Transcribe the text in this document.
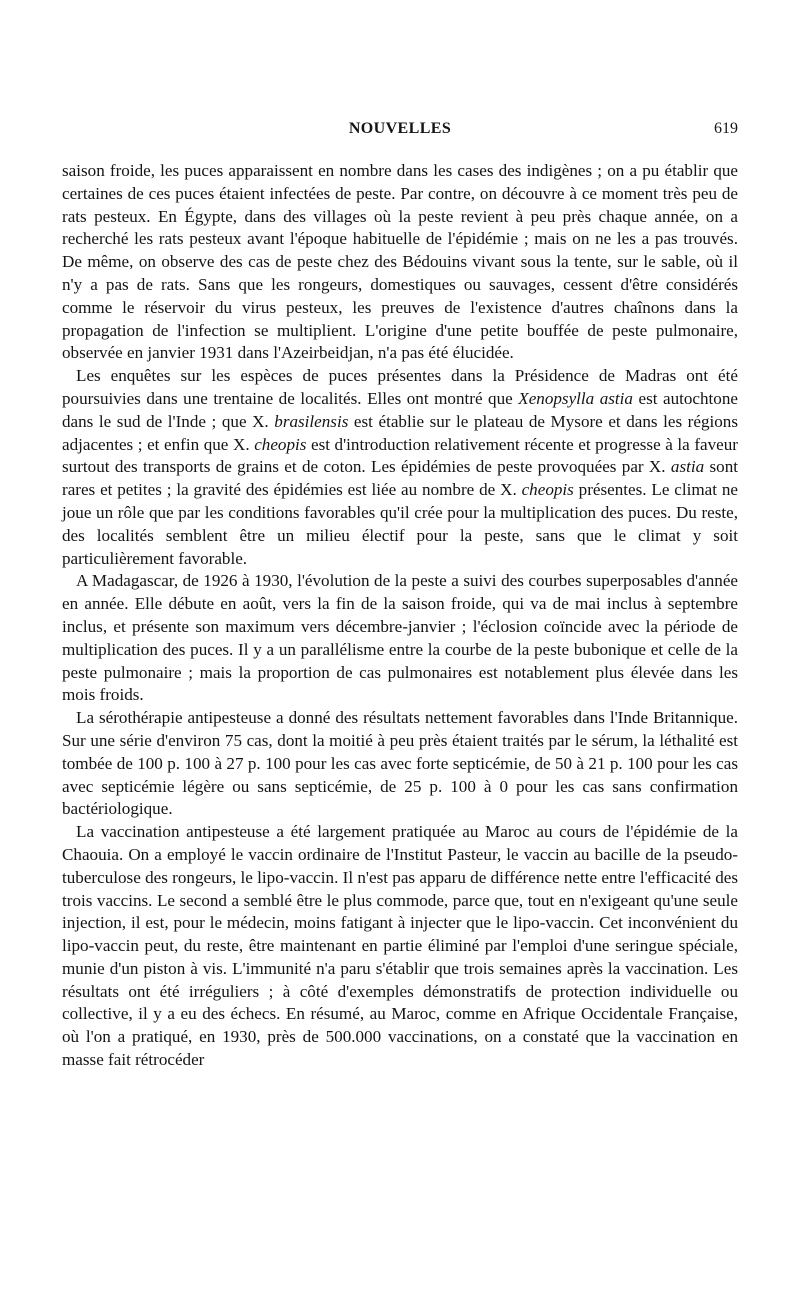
NOUVELLES	619

saison froide, les puces apparaissent en nombre dans les cases des indigènes ; on a pu établir que certaines de ces puces étaient infectées de peste. Par contre, on découvre à ce moment très peu de rats pesteux. En Égypte, dans des villages où la peste revient à peu près chaque année, on a recherché les rats pesteux avant l'époque habituelle de l'épidémie ; mais on ne les a pas trouvés. De même, on observe des cas de peste chez des Bédouins vivant sous la tente, sur le sable, où il n'y a pas de rats. Sans que les rongeurs, domestiques ou sauvages, cessent d'être considérés comme le réservoir du virus pesteux, les preuves de l'existence d'autres chaînons dans la propagation de l'infection se multiplient. L'origine d'une petite bouffée de peste pulmonaire, observée en janvier 1931 dans l'Azeirbeidjan, n'a pas été élucidée.

Les enquêtes sur les espèces de puces présentes dans la Présidence de Madras ont été poursuivies dans une trentaine de localités. Elles ont montré que Xenopsylla astia est autochtone dans le sud de l'Inde ; que X. brasilensis est établie sur le plateau de Mysore et dans les régions adjacentes ; et enfin que X. cheopis est d'introduction relativement récente et progresse à la faveur surtout des transports de grains et de coton. Les épidémies de peste provoquées par X. astia sont rares et petites ; la gravité des épidémies est liée au nombre de X. cheopis présentes. Le climat ne joue un rôle que par les conditions favorables qu'il crée pour la multiplication des puces. Du reste, des localités semblent être un milieu électif pour la peste, sans que le climat y soit particulièrement favorable.

A Madagascar, de 1926 à 1930, l'évolution de la peste a suivi des courbes superposables d'année en année. Elle débute en août, vers la fin de la saison froide, qui va de mai inclus à septembre inclus, et présente son maximum vers décembre-janvier ; l'éclosion coïncide avec la période de multiplication des puces. Il y a un parallélisme entre la courbe de la peste bubonique et celle de la peste pulmonaire ; mais la proportion de cas pulmonaires est notablement plus élevée dans les mois froids.

La sérothérapie antipesteuse a donné des résultats nettement favorables dans l'Inde Britannique. Sur une série d'environ 75 cas, dont la moitié à peu près étaient traités par le sérum, la léthalité est tombée de 100 p. 100 à 27 p. 100 pour les cas avec forte septicémie, de 50 à 21 p. 100 pour les cas avec septicémie légère ou sans septicémie, de 25 p. 100 à 0 pour les cas sans confirmation bactériologique.

La vaccination antipesteuse a été largement pratiquée au Maroc au cours de l'épidémie de la Chaouia. On a employé le vaccin ordinaire de l'Institut Pasteur, le vaccin au bacille de la pseudo-tuberculose des rongeurs, le lipo-vaccin. Il n'est pas apparu de différence nette entre l'efficacité des trois vaccins. Le second a semblé être le plus commode, parce que, tout en n'exigeant qu'une seule injection, il est, pour le médecin, moins fatigant à injecter que le lipo-vaccin. Cet inconvénient du lipo-vaccin peut, du reste, être maintenant en partie éliminé par l'emploi d'une seringue spéciale, munie d'un piston à vis. L'immunité n'a paru s'établir que trois semaines après la vaccination. Les résultats ont été irréguliers ; à côté d'exemples démonstratifs de protection individuelle ou collective, il y a eu des échecs. En résumé, au Maroc, comme en Afrique Occidentale Française, où l'on a pratiqué, en 1930, près de 500.000 vaccinations, on a constaté que la vaccination en masse fait rétrocéder
